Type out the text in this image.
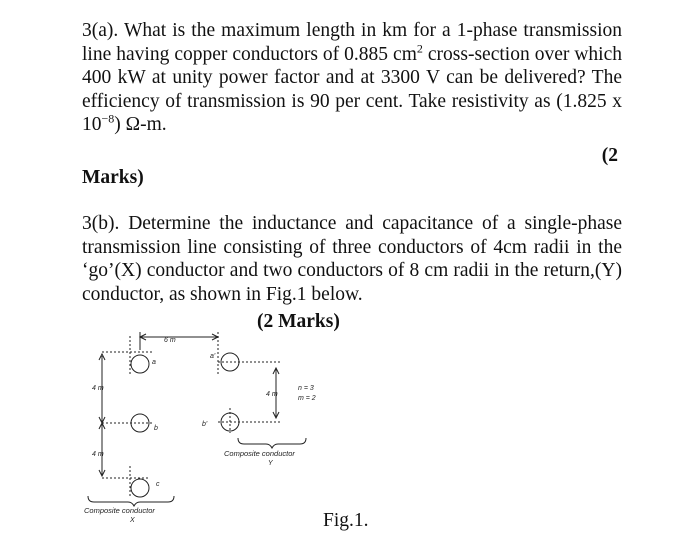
3(a). What is the maximum length in km for a 1-phase transmission line having copper conductors of 0.885 $cm^2$ cross-section over which 400 kW at unity power factor and at 3300 V can be delivered? The efficiency of transmission is 90 per cent. Take resistivity as (1.825 x $10^{-8}$) Ω-m.
(2
Marks)
3(b). Determine the inductance and capacitance of a single-phase transmission line consisting of three conductors of 4cm radii in the ‘go’(X) conductor and two conductors of 8 cm radii in the return,(Y) conductor, as shown in Fig.1 below.
(2 Marks)
6 m
4 m
4 m
4 m
a
b
c
a'
b'
n = 3
m = 2
Composite conductor
Y
Composite conductor
X	Fig.1.
